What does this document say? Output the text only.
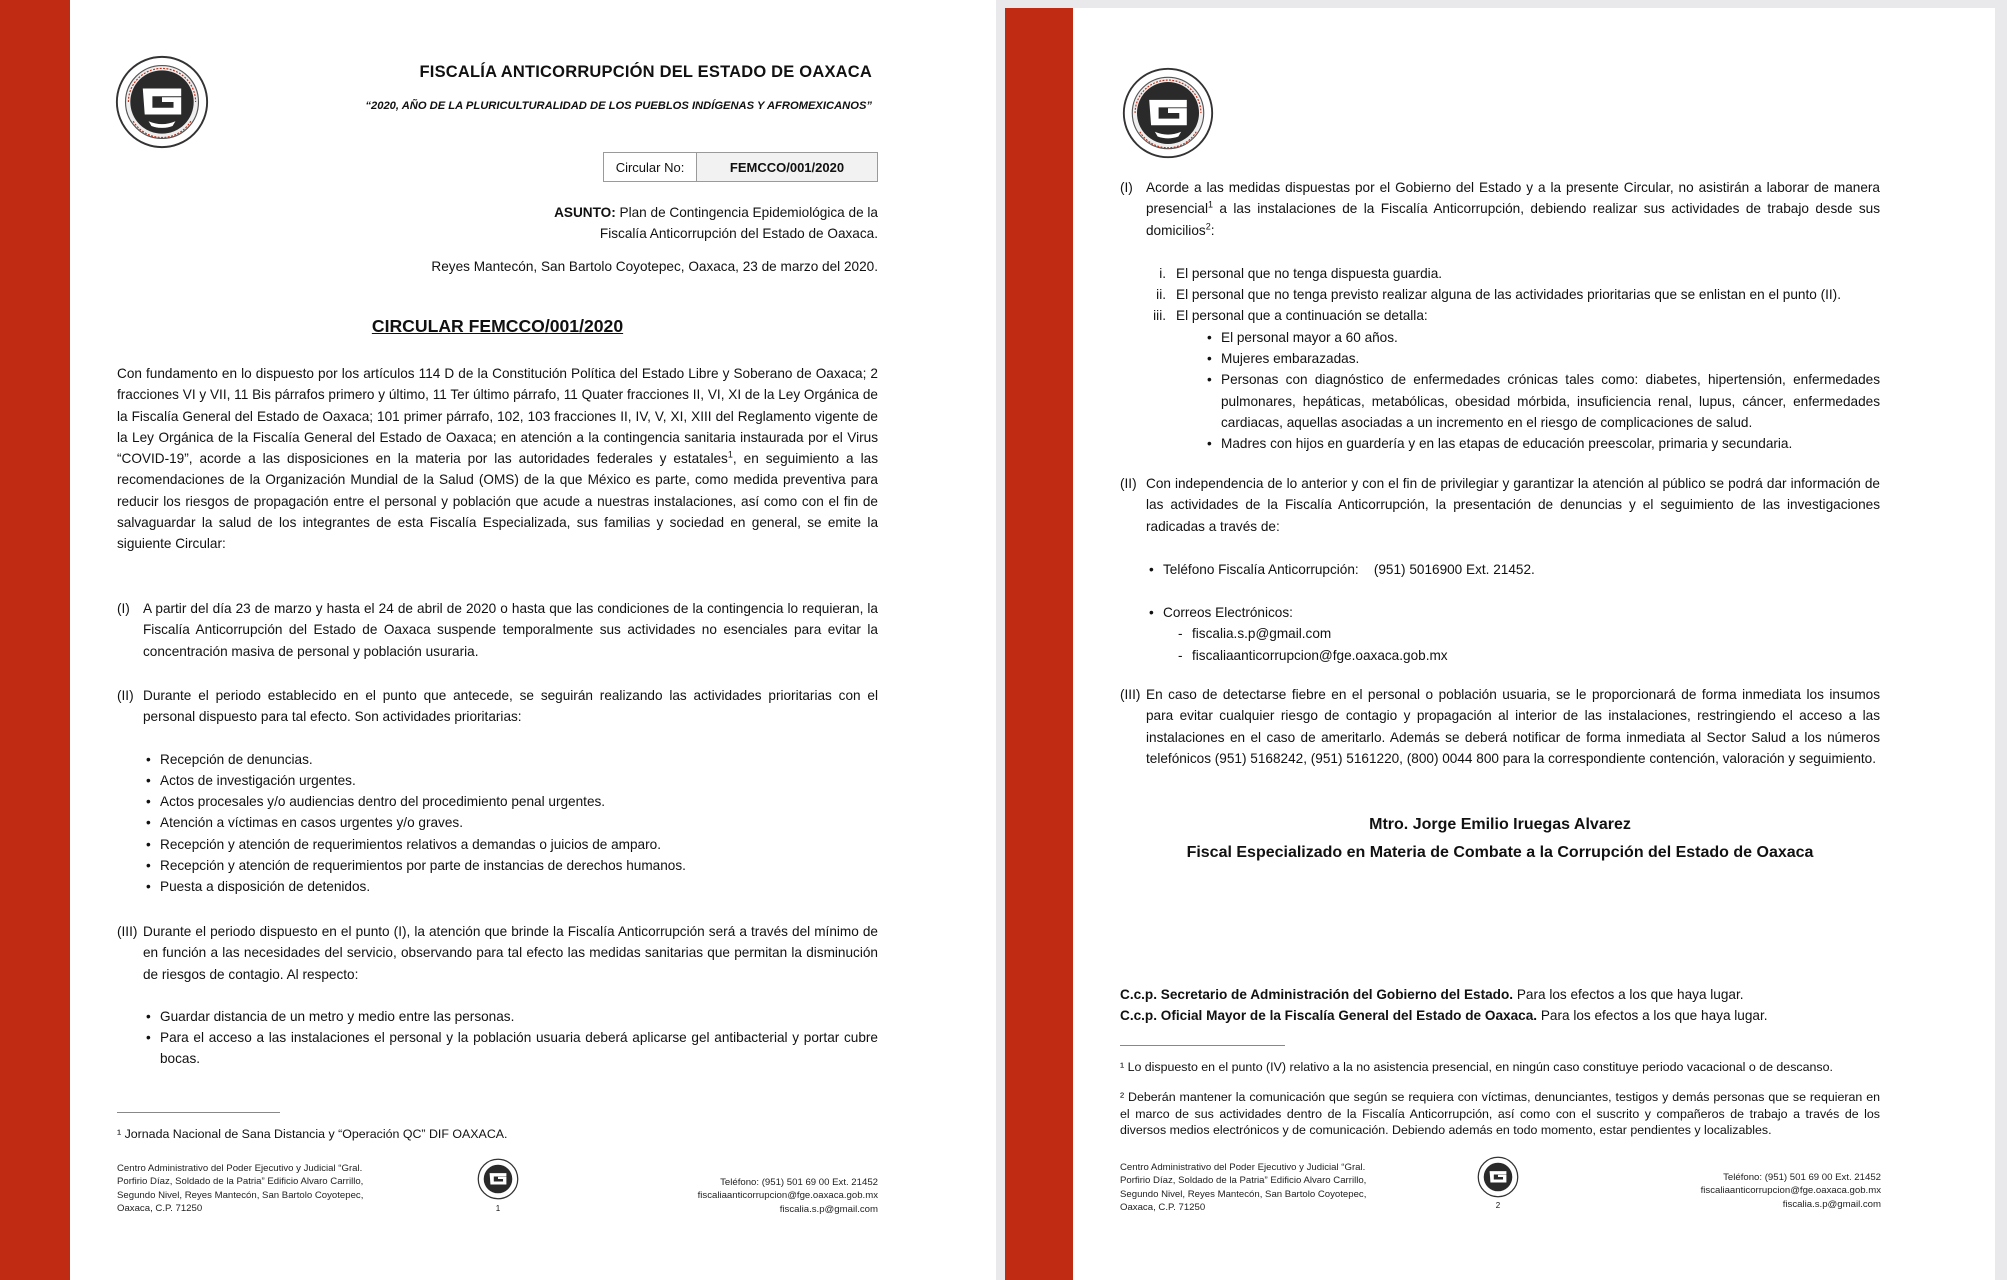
FISCALÍA ANTICORRUPCIÓN DEL ESTADO DE OAXACA
“2020, AÑO DE LA PLURICULTURALIDAD DE LOS PUEBLOS INDÍGENAS Y AFROMEXICANOS”
Circular No:	FEMCCO/001/2020
ASUNTO: Plan de Contingencia Epidemiológica de la
Fiscalía Anticorrupción del Estado de Oaxaca.
Reyes Mantecón, San Bartolo Coyotepec, Oaxaca, 23 de marzo del 2020.
CIRCULAR FEMCCO/001/2020
Con fundamento en lo dispuesto por los artículos 114 D de la Constitución Política del Estado Libre y Soberano de Oaxaca; 2 fracciones VI y VII, 11 Bis párrafos primero y último, 11 Ter último párrafo, 11 Quater fracciones II, VI, XI de la Ley Orgánica de la Fiscalía General del Estado de Oaxaca; 101 primer párrafo, 102, 103 fracciones II, IV, V, XI, XIII del Reglamento vigente de la Ley Orgánica de la Fiscalía General del Estado de Oaxaca; en atención a la contingencia sanitaria instaurada por el Virus “COVID-19”, acorde a las disposiciones en la materia por las autoridades federales y estatales$^1$, en seguimiento a las recomendaciones de la Organización Mundial de la Salud (OMS) de la que México es parte, como medida preventiva para reducir los riesgos de propagación entre el personal y población que acude a nuestras instalaciones, así como con el fin de salvaguardar la salud de los integrantes de esta Fiscalía Especializada, sus familias y sociedad en general, se emite la siguiente Circular:
(I) A partir del día 23 de marzo y hasta el 24 de abril de 2020 o hasta que las condiciones de la contingencia lo requieran, la Fiscalía Anticorrupción del Estado de Oaxaca suspende temporalmente sus actividades no esenciales para evitar la concentración masiva de personal y población usuraria.
(II) Durante el periodo establecido en el punto que antecede, se seguirán realizando las actividades prioritarias con el personal dispuesto para tal efecto. Son actividades prioritarias:
• Recepción de denuncias.
• Actos de investigación urgentes.
• Actos procesales y/o audiencias dentro del procedimiento penal urgentes.
• Atención a víctimas en casos urgentes y/o graves.
• Recepción y atención de requerimientos relativos a demandas o juicios de amparo.
• Recepción y atención de requerimientos por parte de instancias de derechos humanos.
• Puesta a disposición de detenidos.
(III) Durante el periodo dispuesto en el punto (I), la atención que brinde la Fiscalía Anticorrupción será a través del mínimo de en función a las necesidades del servicio, observando para tal efecto las medidas sanitarias que permitan la disminución de riesgos de contagio. Al respecto:
• Guardar distancia de un metro y medio entre las personas.
• Para el acceso a las instalaciones el personal y la población usuaria deberá aplicarse gel antibacterial y portar cubre bocas.
¹ Jornada Nacional de Sana Distancia y “Operación QC” DIF OAXACA.
Centro Administrativo del Poder Ejecutivo y Judicial “Gral.
Porfirio Díaz, Soldado de la Patria” Edificio Alvaro Carrillo,
Segundo Nivel, Reyes Mantecón, San Bartolo Coyotepec,
Oaxaca, C.P. 71250	1
Teléfono: (951) 501 69 00 Ext. 21452
fiscaliaanticorrupcion@fge.oaxaca.gob.mx
fiscalia.s.p@gmail.com
(I) Acorde a las medidas dispuestas por el Gobierno del Estado y a la presente Circular, no asistirán a laborar de manera presencial$^1$ a las instalaciones de la Fiscalía Anticorrupción, debiendo realizar sus actividades de trabajo desde sus domicilios$^2$:
i. El personal que no tenga dispuesta guardia.
ii. El personal que no tenga previsto realizar alguna de las actividades prioritarias que se enlistan en el punto (II).
iii. El personal que a continuación se detalla:
• El personal mayor a 60 años.
• Mujeres embarazadas.
• Personas con diagnóstico de enfermedades crónicas tales como: diabetes, hipertensión, enfermedades pulmonares, hepáticas, metabólicas, obesidad mórbida, insuficiencia renal, lupus, cáncer, enfermedades cardiacas, aquellas asociadas a un incremento en el riesgo de complicaciones de salud.
• Madres con hijos en guardería y en las etapas de educación preescolar, primaria y secundaria.
(II) Con independencia de lo anterior y con el fin de privilegiar y garantizar la atención al público se podrá dar información de las actividades de la Fiscalía Anticorrupción, la presentación de denuncias y el seguimiento de las investigaciones radicadas a través de:
• Teléfono Fiscalía Anticorrupción: (951) 5016900 Ext. 21452.
• Correos Electrónicos:
- fiscalia.s.p@gmail.com
- fiscaliaanticorrupcion@fge.oaxaca.gob.mx
(III) En caso de detectarse fiebre en el personal o población usuaria, se le proporcionará de forma inmediata los insumos para evitar cualquier riesgo de contagio y propagación al interior de las instalaciones, restringiendo el acceso a las instalaciones en el caso de ameritarlo. Además se deberá notificar de forma inmediata al Sector Salud a los números telefónicos (951) 5168242, (951) 5161220, (800) 0044 800 para la correspondiente contención, valoración y seguimiento.
Mtro. Jorge Emilio Iruegas Alvarez
Fiscal Especializado en Materia de Combate a la Corrupción del Estado de Oaxaca
C.c.p. Secretario de Administración del Gobierno del Estado. Para los efectos a los que haya lugar.
C.c.p. Oficial Mayor de la Fiscalía General del Estado de Oaxaca. Para los efectos a los que haya lugar.
¹ Lo dispuesto en el punto (IV) relativo a la no asistencia presencial, en ningún caso constituye periodo vacacional o de descanso.
² Deberán mantener la comunicación que según se requiera con víctimas, denunciantes, testigos y demás personas que se requieran en el marco de sus actividades dentro de la Fiscalía Anticorrupción, así como con el suscrito y compañeros de trabajo a través de los diversos medios electrónicos y de comunicación. Debiendo además en todo momento, estar pendientes y localizables.
Centro Administrativo del Poder Ejecutivo y Judicial “Gral.
Porfirio Díaz, Soldado de la Patria” Edificio Alvaro Carrillo,
Segundo Nivel, Reyes Mantecón, San Bartolo Coyotepec,
Oaxaca, C.P. 71250	2
Teléfono: (951) 501 69 00 Ext. 21452
fiscaliaanticorrupcion@fge.oaxaca.gob.mx
fiscalia.s.p@gmail.com
